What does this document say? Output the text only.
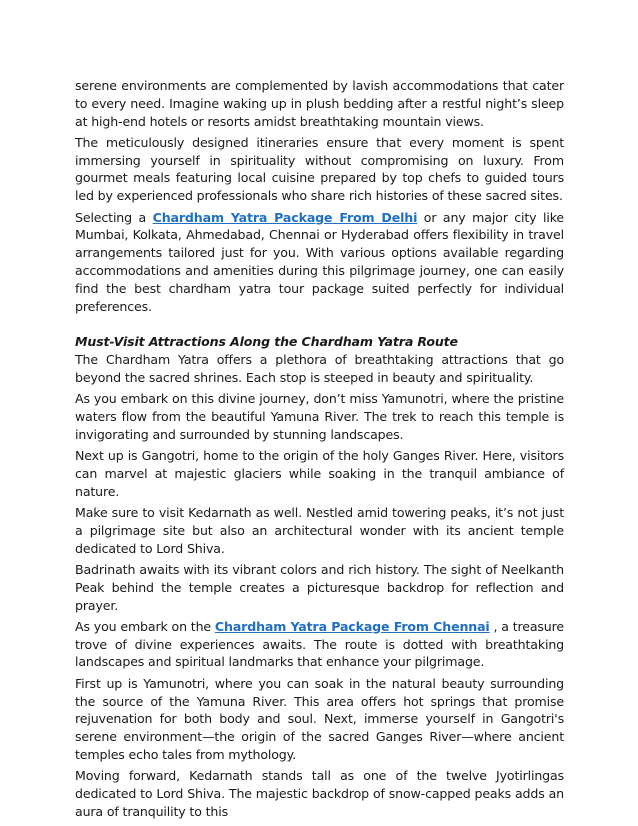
serene environments are complemented by lavish accommodations that cater to every need. Imagine waking up in plush bedding after a restful night’s sleep at high-end hotels or resorts amidst breathtaking mountain views.

The meticulously designed itineraries ensure that every moment is spent immersing yourself in spirituality without compromising on luxury. From gourmet meals featuring local cuisine prepared by top chefs to guided tours led by experienced professionals who share rich histories of these sacred sites.

Selecting a Chardham Yatra Package From Delhi or any major city like Mumbai, Kolkata, Ahmedabad, Chennai or Hyderabad offers flexibility in travel arrangements tailored just for you. With various options available regarding accommodations and amenities during this pilgrimage journey, one can easily find the best chardham yatra tour package suited perfectly for individual preferences.

Must-Visit Attractions Along the Chardham Yatra Route

The Chardham Yatra offers a plethora of breathtaking attractions that go beyond the sacred shrines. Each stop is steeped in beauty and spirituality.

As you embark on this divine journey, don’t miss Yamunotri, where the pristine waters flow from the beautiful Yamuna River. The trek to reach this temple is invigorating and surrounded by stunning landscapes.

Next up is Gangotri, home to the origin of the holy Ganges River. Here, visitors can marvel at majestic glaciers while soaking in the tranquil ambiance of nature.

Make sure to visit Kedarnath as well. Nestled amid towering peaks, it’s not just a pilgrimage site but also an architectural wonder with its ancient temple dedicated to Lord Shiva.

Badrinath awaits with its vibrant colors and rich history. The sight of Neelkanth Peak behind the temple creates a picturesque backdrop for reflection and prayer.

As you embark on the Chardham Yatra Package From Chennai , a treasure trove of divine experiences awaits. The route is dotted with breathtaking landscapes and spiritual landmarks that enhance your pilgrimage.

First up is Yamunotri, where you can soak in the natural beauty surrounding the source of the Yamuna River. This area offers hot springs that promise rejuvenation for both body and soul. Next, immerse yourself in Gangotri's serene environment—the origin of the sacred Ganges River—where ancient temples echo tales from mythology.

Moving forward, Kedarnath stands tall as one of the twelve Jyotirlingas dedicated to Lord Shiva. The majestic backdrop of snow-capped peaks adds an aura of tranquility to this
